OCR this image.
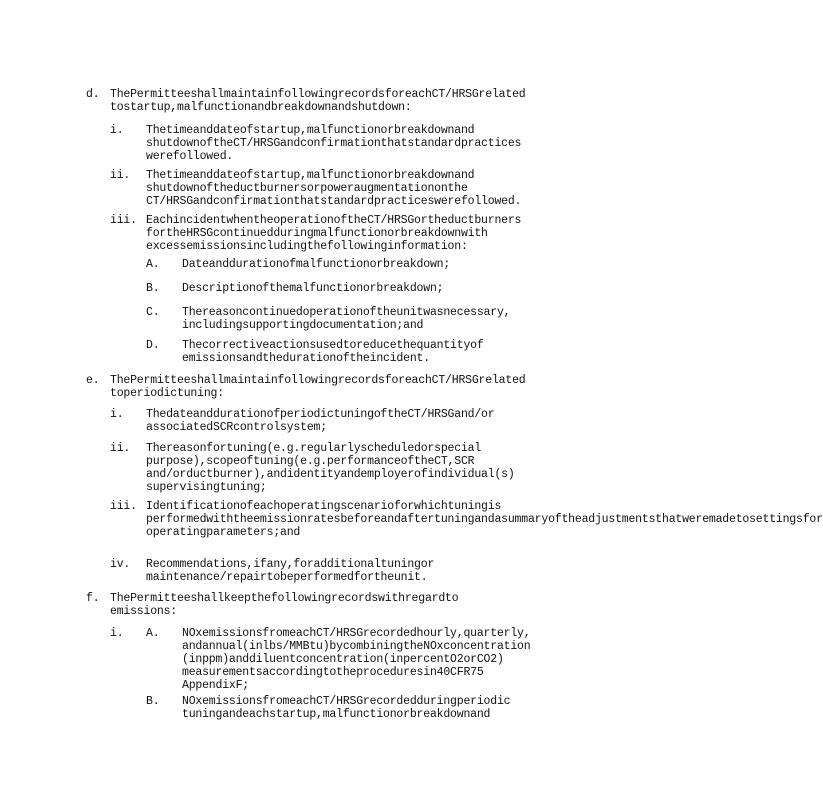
d. ThePermitteeshallmaintainfollowingrecordsforeachCT/HRSGrelated
tostartup,malfunctionandbreakdownandshutdown:
i.	Thetimeanddateofstartup,malfunctionorbreakdownand
shutdownoftheCT/HRSGandconfirmationthatstandardpractices
werefollowed.
ii.	Thetimeanddateofstartup,malfunctionorbreakdownand
shutdownoftheductburnersorpoweraugmentationonthe
CT/HRSGandconfirmationthatstandardpracticeswerefollowed.
iii. EachincidentwhentheoperationoftheCT/HRSGortheductburners
fortheHRSGcontinuedduringmalfunctionorbreakdownwith
excessemissionsincludingthefollowinginformation:
A.	Dateanddurationofmalfunctionorbreakdown;
B.	Descriptionofthemalfunctionorbreakdown;
C.	Thereasoncontinuedoperationoftheunitwasnecessary,
includingsupportingdocumentation;and
D.	Thecorrectiveactionsusedtoreducethequantityof
emissionsandthedurationoftheincident.
e. ThePermitteeshallmaintainfollowingrecordsforeachCT/HRSGrelated
toperiodictuning:
i.	ThedateanddurationofperiodictuningoftheCT/HRSGand/or
associatedSCRcontrolsystem;
ii.	Thereasonfortuning(e.g.regularlyscheduledorspecial
purpose),scopeoftuning(e.g.performanceoftheCT,SCR
and/orductburner),andidentityandemployerofindividual(s)
supervisingtuning;
iii. Identificationofeachoperatingscenarioforwhichtuningis
performedwiththeemissionratesbeforeandaftertuningandasummaryoftheadjustmentsthatweremadetosettingsfor
operatingparameters;and
iv.	Recommendations,ifany,foradditionaltuningor
maintenance/repairtobeperformedfortheunit.
f. ThePermitteeshallkeepthefollowingrecordswithregardto
emissions:
i.	A.	NOxemissionsfromeachCT/HRSGrecordedhourly,quarterly,
andannual(inlbs/MMBtu)bycombiningtheNOxconcentration
(inppm)anddiluentconcentration(inpercentO2orCO2)
measurementsaccordingtotheproceduresin40CFR75
AppendixF;
B.	NOxemissionsfromeachCT/HRSGrecordedduringperiodic
tuningandeachstartup,malfunctionorbreakdownand
